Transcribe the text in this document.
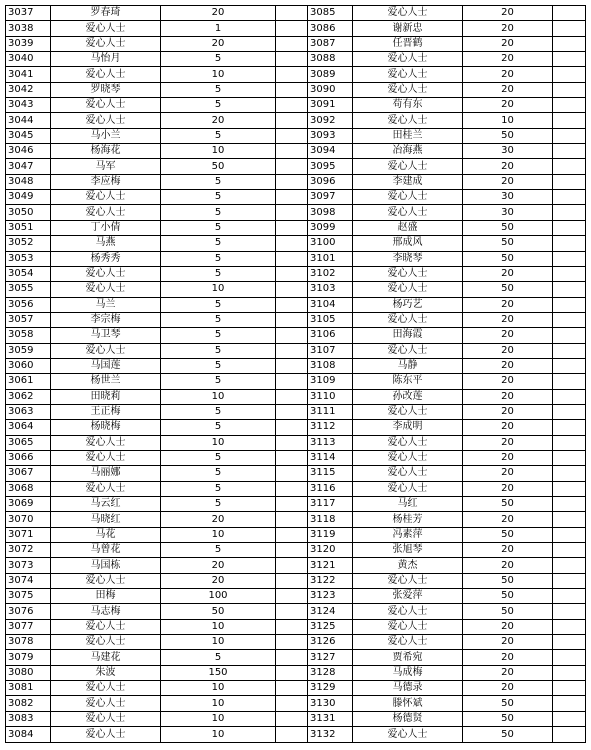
3037	罗春琦	20		3085	爱心人士	20	
3038	爱心人士	1		3086	谢新忠	20	
3039	爱心人士	20		3087	任晋鹤	20	
3040	马怡月	5		3088	爱心人士	20	
3041	爱心人士	10		3089	爱心人士	20	
3042	罗晓琴	5		3090	爱心人士	20	
3043	爱心人士	5		3091	苟有东	20	
3044	爱心人士	20		3092	爱心人士	10	
3045	马小兰	5		3093	田桂兰	50	
3046	杨海花	10		3094	冶海燕	30	
3047	马军	50		3095	爱心人士	20	
3048	李应梅	5		3096	李建成	20	
3049	爱心人士	5		3097	爱心人士	30	
3050	爱心人士	5		3098	爱心人士	30	
3051	丁小倩	5		3099	赵盛	50	
3052	马燕	5		3100	邢成风	50	
3053	杨秀秀	5		3101	李晓琴	50	
3054	爱心人士	5		3102	爱心人士	20	
3055	爱心人士	10		3103	爱心人士	50	
3056	马兰	5		3104	杨巧艺	20	
3057	李宗梅	5		3105	爱心人士	20	
3058	马卫琴	5		3106	田海霞	20	
3059	爱心人士	5		3107	爱心人士	20	
3060	马国莲	5		3108	马静	20	
3061	杨世兰	5		3109	陈东平	20	
3062	田晓莉	10		3110	孙改莲	20	
3063	王正梅	5		3111	爱心人士	20	
3064	杨晓梅	5		3112	李成明	20	
3065	爱心人士	10		3113	爱心人士	20	
3066	爱心人士	5		3114	爱心人士	20	
3067	马丽娜	5		3115	爱心人士	20	
3068	爱心人士	5		3116	爱心人士	20	
3069	马云红	5		3117	马红	50	
3070	马晓红	20		3118	杨桂芳	20	
3071	马花	10		3119	冯素萍	50	
3072	马曾花	5		3120	张旭琴	20	
3073	马国栋	20		3121	黄杰	20	
3074	爱心人士	20		3122	爱心人士	50	
3075	田梅	100		3123	张爱萍	50	
3076	马志梅	50		3124	爱心人士	50	
3077	爱心人士	10		3125	爱心人士	20	
3078	爱心人士	10		3126	爱心人士	20	
3079	马建花	5		3127	贾希宛	20	
3080	朱波	150		3128	马成梅	20	
3081	爱心人士	10		3129	马德录	20	
3082	爱心人士	10		3130	滕怀斌	50	
3083	爱心人士	10		3131	杨德贤	50	
3084	爱心人士	10		3132	爱心人士	50	
